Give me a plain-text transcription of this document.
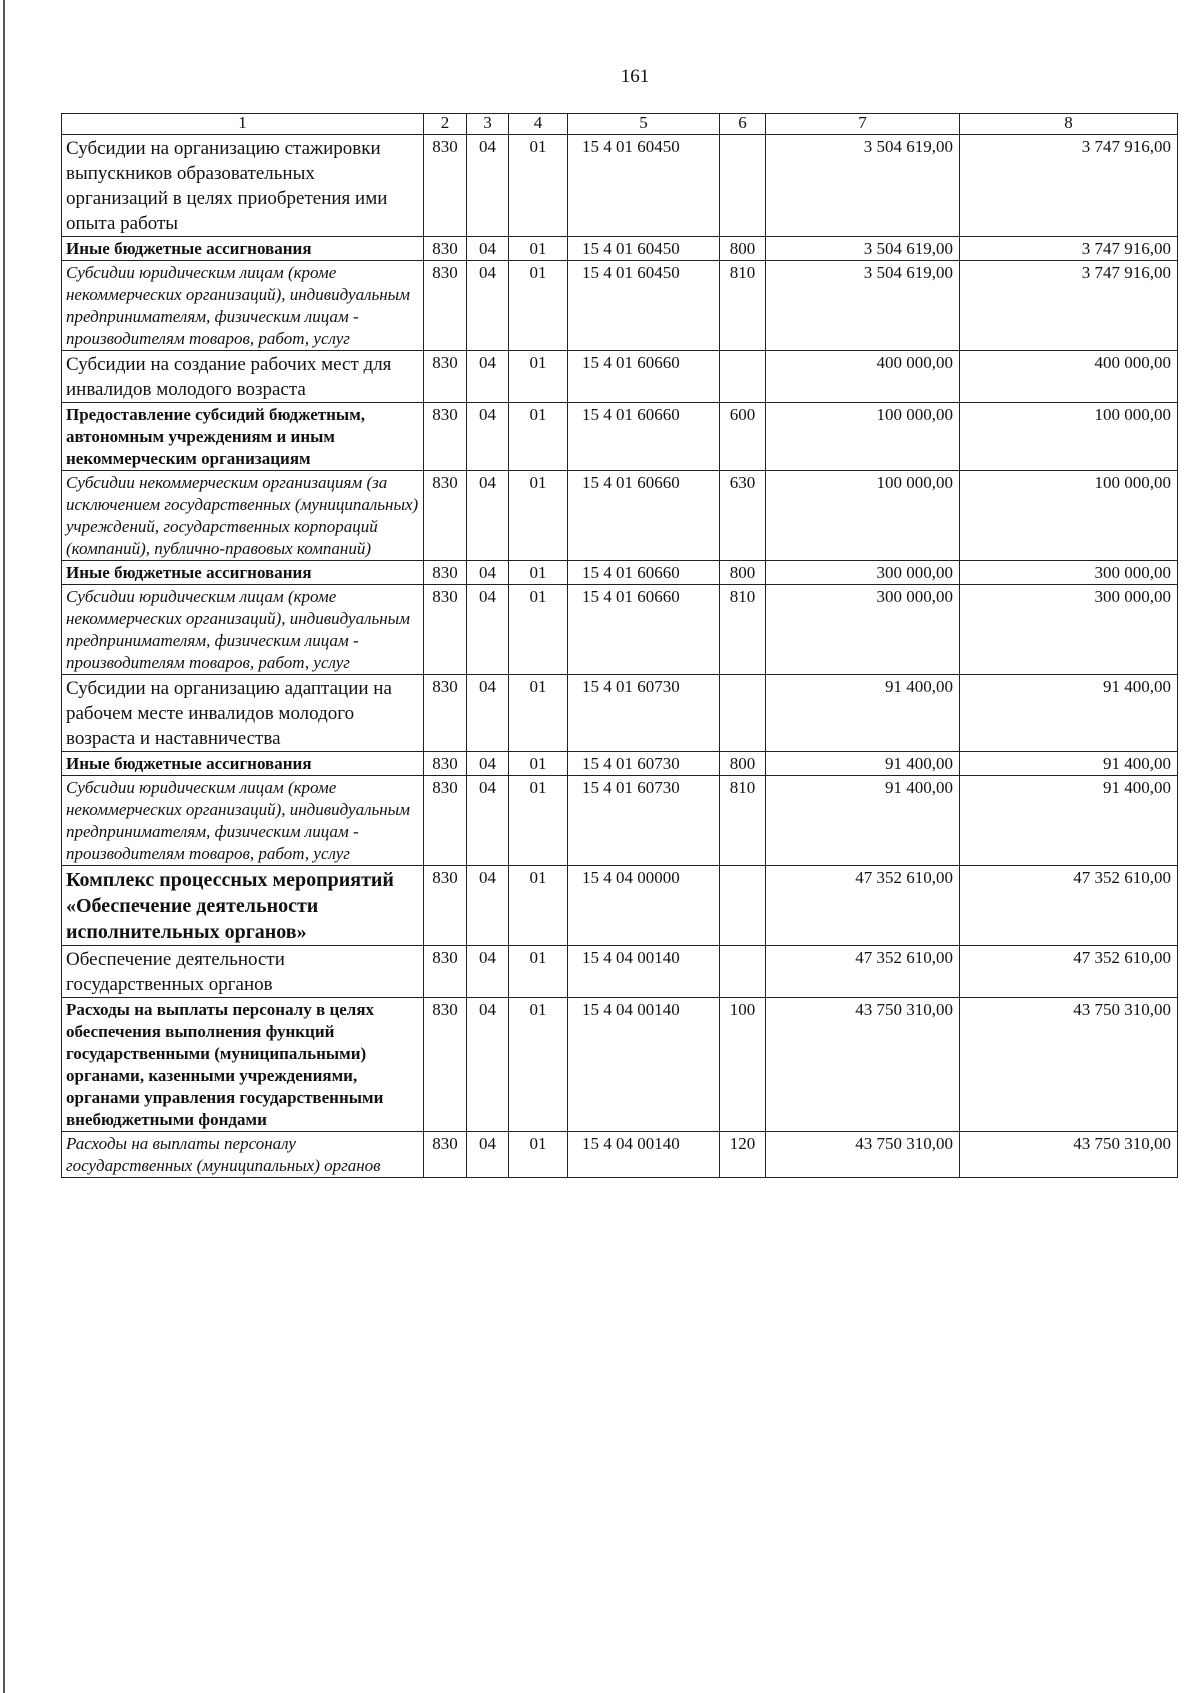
161
1	2	3	4	5	6	7	8
Субсидии на организацию стажировки выпускников образовательных организаций в целях приобретения ими опыта работы	830	04	01	15 4 01 60450		3 504 619,00	3 747 916,00
Иные бюджетные ассигнования	830	04	01	15 4 01 60450	800	3 504 619,00	3 747 916,00
Субсидии юридическим лицам (кроме некоммерческих организаций), индивидуальным предпринимателям, физическим лицам - производителям товаров, работ, услуг	830	04	01	15 4 01 60450	810	3 504 619,00	3 747 916,00
Субсидии на создание рабочих мест для инвалидов молодого возраста	830	04	01	15 4 01 60660		400 000,00	400 000,00
Предоставление субсидий бюджетным, автономным учреждениям и иным некоммерческим организациям	830	04	01	15 4 01 60660	600	100 000,00	100 000,00
Субсидии некоммерческим организациям (за исключением государственных (муниципальных) учреждений, государственных корпораций (компаний), публично-правовых компаний)	830	04	01	15 4 01 60660	630	100 000,00	100 000,00
Иные бюджетные ассигнования	830	04	01	15 4 01 60660	800	300 000,00	300 000,00
Субсидии юридическим лицам (кроме некоммерческих организаций), индивидуальным предпринимателям, физическим лицам - производителям товаров, работ, услуг	830	04	01	15 4 01 60660	810	300 000,00	300 000,00
Субсидии на организацию адаптации на рабочем месте инвалидов молодого возраста и наставничества	830	04	01	15 4 01 60730		91 400,00	91 400,00
Иные бюджетные ассигнования	830	04	01	15 4 01 60730	800	91 400,00	91 400,00
Субсидии юридическим лицам (кроме некоммерческих организаций), индивидуальным предпринимателям, физическим лицам - производителям товаров, работ, услуг	830	04	01	15 4 01 60730	810	91 400,00	91 400,00
Комплекс процессных мероприятий «Обеспечение деятельности исполнительных органов»	830	04	01	15 4 04 00000		47 352 610,00	47 352 610,00
Обеспечение деятельности государственных органов	830	04	01	15 4 04 00140		47 352 610,00	47 352 610,00
Расходы на выплаты персоналу в целях обеспечения выполнения функций государственными (муниципальными) органами, казенными учреждениями, органами управления государственными внебюджетными фондами	830	04	01	15 4 04 00140	100	43 750 310,00	43 750 310,00
Расходы на выплаты персоналу государственных (муниципальных) органов	830	04	01	15 4 04 00140	120	43 750 310,00	43 750 310,00
